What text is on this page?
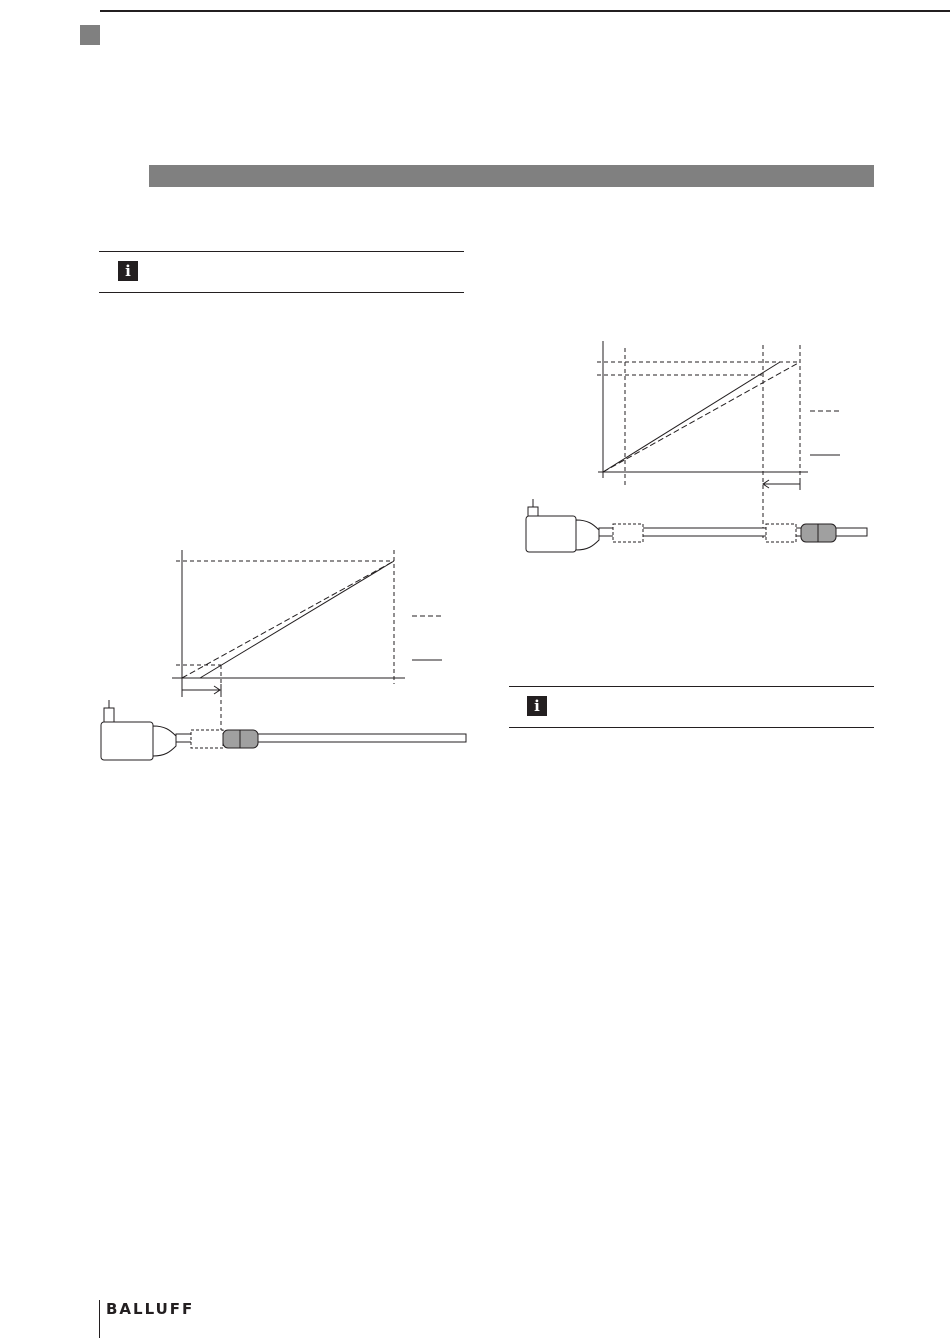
i
i
BALLUFF
